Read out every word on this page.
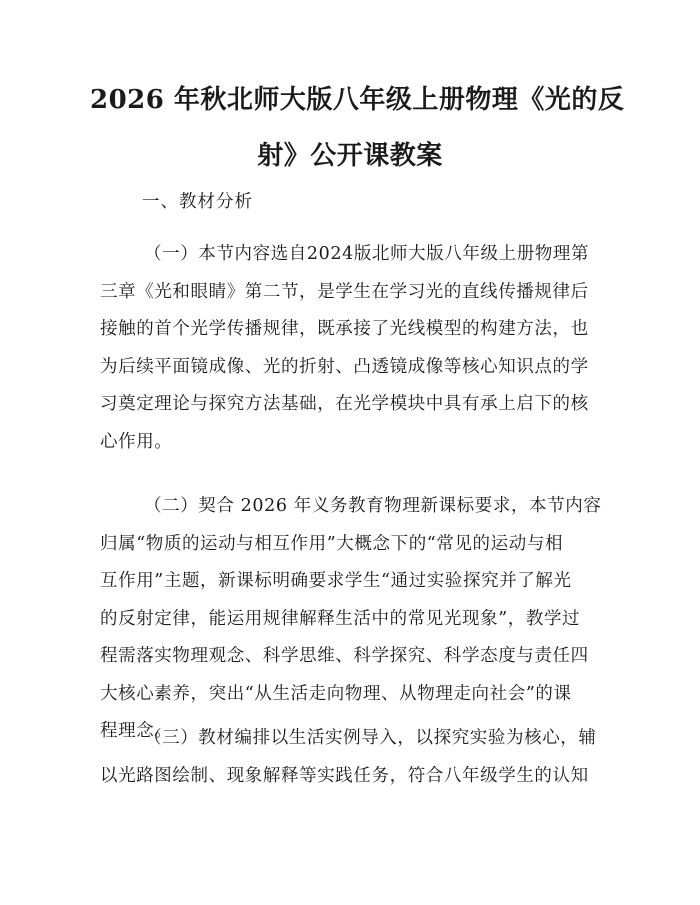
2026 年秋北师大版八年级上册物理《光的反
射》公开课教案
一、教材分析

（一）本节内容选自2024版北师大版八年级上册物理第
三章《光和眼睛》第二节，是学生在学习光的直线传播规律后
接触的首个光学传播规律，既承接了光线模型的构建方法，也
为后续平面镜成像、光的折射、凸透镜成像等核心知识点的学
习奠定理论与探究方法基础，在光学模块中具有承上启下的核
心作用。

（二）契合 2026 年义务教育物理新课标要求，本节内容
归属“物质的运动与相互作用”大概念下的“常见的运动与相
互作用”主题，新课标明确要求学生“通过实验探究并了解光
的反射定律，能运用规律解释生活中的常见光现象”，教学过
程需落实物理观念、科学思维、科学探究、科学态度与责任四
大核心素养，突出“从生活走向物理、从物理走向社会”的课
程理念。

（三）教材编排以生活实例导入，以探究实验为核心，辅
以光路图绘制、现象解释等实践任务，符合八年级学生的认知
